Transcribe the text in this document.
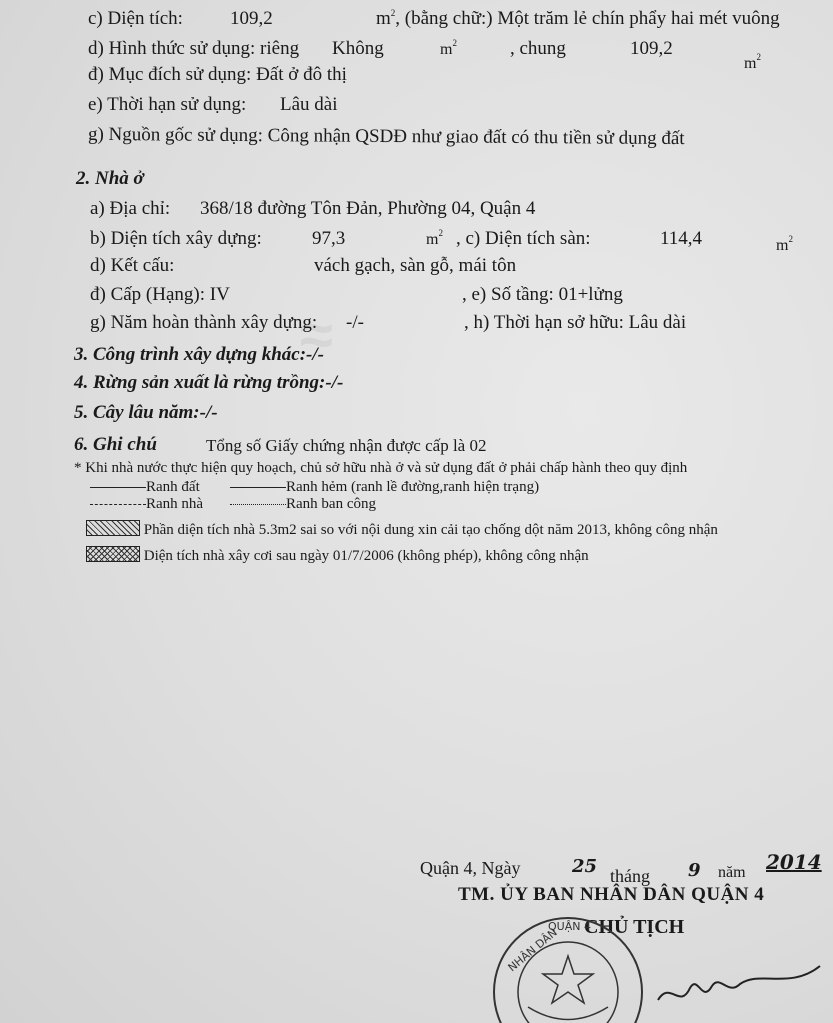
≈
c) Diện tích: 109,2	$m^2$, (bằng chữ:) Một trăm lẻ chín phẩy hai mét vuông
d) Hình thức sử dụng: riêng Không	$m^2$	, chung	109,2
$m^2$
đ) Mục đích sử dụng: Đất ở đô thị
e) Thời hạn sử dụng: Lâu dài
g) Nguồn gốc sử dụng: Công nhận QSDĐ như giao đất có thu tiền sử dụng đất
2. Nhà ở
a) Địa chỉ: 368/18 đường Tôn Đản, Phường 04, Quận 4
b) Diện tích xây dựng:	97,3	$m^2$ , c) Diện tích sàn:	114,4	$m^2$
d) Kết cấu:	vách gạch, sàn gỗ, mái tôn
đ) Cấp (Hạng): IV	, e) Số tầng: 01+lửng
g) Năm hoàn thành xây dựng: -/-	, h) Thời hạn sở hữu: Lâu dài
3. Công trình xây dựng khác:-/-
4. Rừng sản xuất là rừng trồng:-/-
5. Cây lâu năm:-/-
6. Ghi chú	Tổng số Giấy chứng nhận được cấp là 02
* Khi nhà nước thực hiện quy hoạch, chủ sở hữu nhà ở và sử dụng đất ở phải chấp hành theo quy định
Ranh đất	Ranh hẻm (ranh lề đường,ranh hiện trạng)
Ranh nhà	Ranh ban công
Phần diện tích nhà 5.3m2 sai so với nội dung xin cải tạo chống dột năm 2013, không công nhận
Diện tích nhà xây cơi sau ngày 01/7/2006 (không phép), không công nhận
Quận 4, Ngày	25 tháng 9 năm 2014
TM. ỦY BAN NHÂN DÂN QUẬN 4
CHỦ TỊCH
NHÂN DÂN
QUẬN 4
